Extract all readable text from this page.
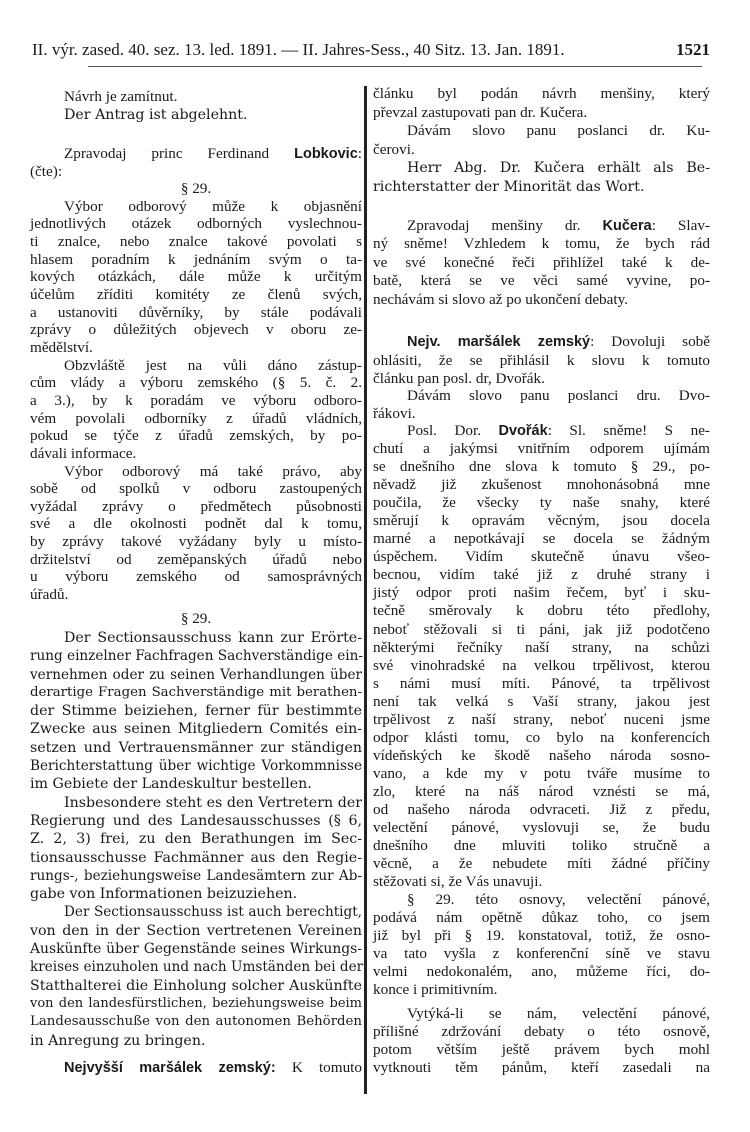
II. výr. zased. 40. sez. 13. led. 1891. — II. Jahres-Sess., 40 Sitz. 13. Jan. 1891.	1521
Návrh je zamítnut.
Der Antrag ist abgelehnt.
Zpravodaj princ Ferdinand Lobkovic:
(čte):
§ 29.
Výbor odborový může k objasnění
jednotlivých otázek odborných vyslechnou-
ti znalce, nebo znalce takové povolati s
hlasem poradním k jednáním svým o ta-
kových otázkách, dále může k určitým
účelům zříditi komitéty ze členů svých,
a ustanoviti důvěrníky, by stále podávali
zprávy o důležitých objevech v oboru ze-
mědělství.
Obzvláště jest na vůli dáno zástup-
cům vlády a výboru zemského (§ 5. č. 2.
a 3.), by k poradám ve výboru odboro-
vém povolali odborníky z úřadů vládních,
pokud se týče z úřadů zemských, by po-
dávali informace.
Výbor odborový má také právo, aby
sobě od spolků v odboru zastoupených
vyžádal zprávy o předmětech působnosti
své a dle okolnosti podnět dal k tomu,
by zprávy takové vyžádany byly u místo-
držitelství od zeměpanských úřadů nebo
u výboru zemského od samosprávných
úřadů.
§ 29.
Der Sectionsausschuss kann zur Erörte-
rung einzelner Fachfragen Sachverständige ein-
vernehmen oder zu seinen Verhandlungen über
derartige Fragen Sachverständige mit berathen-
der Stimme beiziehen, ferner für bestimmte
Zwecke aus seinen Mitgliedern Comités ein-
setzen und Vertrauensmänner zur ständigen
Berichterstattung über wichtige Vorkommnisse
im Gebiete der Landeskultur bestellen.
Insbesondere steht es den Vertretern der
Regierung und des Landesausschusses (§ 6,
Z. 2, 3) frei, zu den Berathungen im Sec-
tionsausschusse Fachmänner aus den Regie-
rungs-, beziehungsweise Landesämtern zur Ab-
gabe von Informationen beizuziehen.
Der Sectionsausschuss ist auch berechtigt,
von den in der Section vertretenen Vereinen
Auskünfte über Gegenstände seines Wirkungs-
kreises einzuholen und nach Umständen bei der
Statthalterei die Einholung solcher Auskünfte
von den landesfürstlichen, beziehungsweise beim
Landesausschuße von den autonomen Behörden
in Anregung zu bringen.
Nejvyšší maršálek zemský: K tomuto
článku byl podán návrh menšiny, který
převzal zastupovati pan dr. Kučera.
Dávám slovo panu poslanci dr. Ku-
čerovi.
Herr Abg. Dr. Kučera erhält als Be-
richterstatter der Minorität das Wort.
Zpravodaj menšiny dr. Kučera: Slav-
ný sněme! Vzhledem k tomu, že bych rád
ve své konečné řeči přihlížel také k de-
batě, která se ve věci samé vyvine, po-
nechávám si slovo až po ukončení debaty.
Nejv. maršálek zemský: Dovoluji sobě
ohlásiti, že se přihlásil k slovu k tomuto
článku pan posl. dr, Dvořák.
Dávám slovo panu poslanci dru. Dvo-
řákovi.
Posl. Dor. Dvořák: Sl. sněme! S ne-
chutí a jakýmsi vnitřním odporem ujímám
se dnešního dne slova k tomuto § 29., po-
něvadž již zkušenost mnohonásobná mne
poučila, že všecky ty naše snahy, které
směrují k opravám věcným, jsou docela
marné a nepotkávají se docela se žádným
úspěchem. Vidím skutečně únavu všeo-
becnou, vidím také již z druhé strany i
jistý odpor proti našim řečem, byť i sku-
tečně směrovaly k dobru této předlohy,
neboť stěžovali si ti páni, jak již podotčeno
některými řečníky naší strany, na schůzi
své vinohradské na velkou trpělivost, kterou
s námi musí míti. Pánové, ta trpělivost
není tak velká s Vaší strany, jakou jest
trpělivost z naší strany, neboť nuceni jsme
odpor klásti tomu, co bylo na konferencích
vídeňských ke škodě našeho národa sosno-
vano, a kde my v potu tváře musíme to
zlo, které na náš národ vznésti se má,
od našeho národa odvraceti. Již z předu,
velectění pánové, vyslovuji se, že budu
dnešního dne mluviti toliko stručně a
věcně, a že nebudete míti žádné příčiny
stěžovati si, že Vás unavuji.
§ 29. této osnovy, velectění pánové,
podává nám opětně důkaz toho, co jsem
již byl při § 19. konstatoval, totiž, že osno-
va tato vyšla z konferenční síně ve stavu
velmi nedokonalém, ano, můžeme říci, do-
konce i primitivním.
Vytýká-li se nám, velectění pánové,
přílišné zdržování debaty o této osnově,
potom větším ještě právem bych mohl
vytknouti těm pánům, kteří zasedali na
